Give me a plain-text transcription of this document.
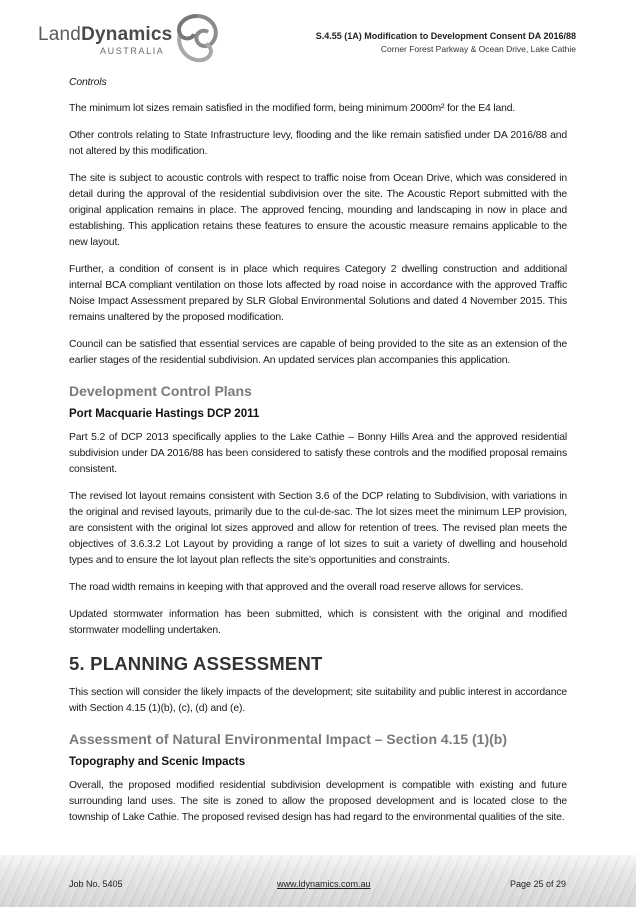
LandDynamics
AUSTRALIA
S.4.55 (1A) Modification to Development Consent DA 2016/88
Corner Forest Parkway & Ocean Drive, Lake Cathie

Controls

The minimum lot sizes remain satisfied in the modified form, being minimum 2000m² for the E4 land.

Other controls relating to State Infrastructure levy, flooding and the like remain satisfied under DA 2016/88 and not altered by this modification.

The site is subject to acoustic controls with respect to traffic noise from Ocean Drive, which was considered in detail during the approval of the residential subdivision over the site. The Acoustic Report submitted with the original application remains in place. The approved fencing, mounding and landscaping in now in place and establishing. This application retains these features to ensure the acoustic measure remains applicable to the new layout.

Further, a condition of consent is in place which requires Category 2 dwelling construction and additional internal BCA compliant ventilation on those lots affected by road noise in accordance with the approved Traffic Noise Impact Assessment prepared by SLR Global Environmental Solutions and dated 4 November 2015. This remains unaltered by the proposed modification.

Council can be satisfied that essential services are capable of being provided to the site as an extension of the earlier stages of the residential subdivision. An updated services plan accompanies this application.

Development Control Plans
Port Macquarie Hastings DCP 2011

Part 5.2 of DCP 2013 specifically applies to the Lake Cathie – Bonny Hills Area and the approved residential subdivision under DA 2016/88 has been considered to satisfy these controls and the modified proposal remains consistent.

The revised lot layout remains consistent with Section 3.6 of the DCP relating to Subdivision, with variations in the original and revised layouts, primarily due to the cul-de-sac. The lot sizes meet the minimum LEP provision, are consistent with the original lot sizes approved and allow for retention of trees. The revised plan meets the objectives of 3.6.3.2 Lot Layout by providing a range of lot sizes to suit a variety of dwelling and household types and to ensure the lot layout plan reflects the site’s opportunities and constraints.

The road width remains in keeping with that approved and the overall road reserve allows for services.

Updated stormwater information has been submitted, which is consistent with the original and modified stormwater modelling undertaken.

5. PLANNING ASSESSMENT

This section will consider the likely impacts of the development; site suitability and public interest in accordance with Section 4.15 (1)(b), (c), (d) and (e).

Assessment of Natural Environmental Impact – Section 4.15 (1)(b)
Topography and Scenic Impacts

Overall, the proposed modified residential subdivision development is compatible with existing and future surrounding land uses. The site is zoned to allow the proposed development and is located close to the township of Lake Cathie. The proposed revised design has had regard to the environmental qualities of the site.

Job No. 5405	www.ldynamics.com.au	Page 25 of 29
